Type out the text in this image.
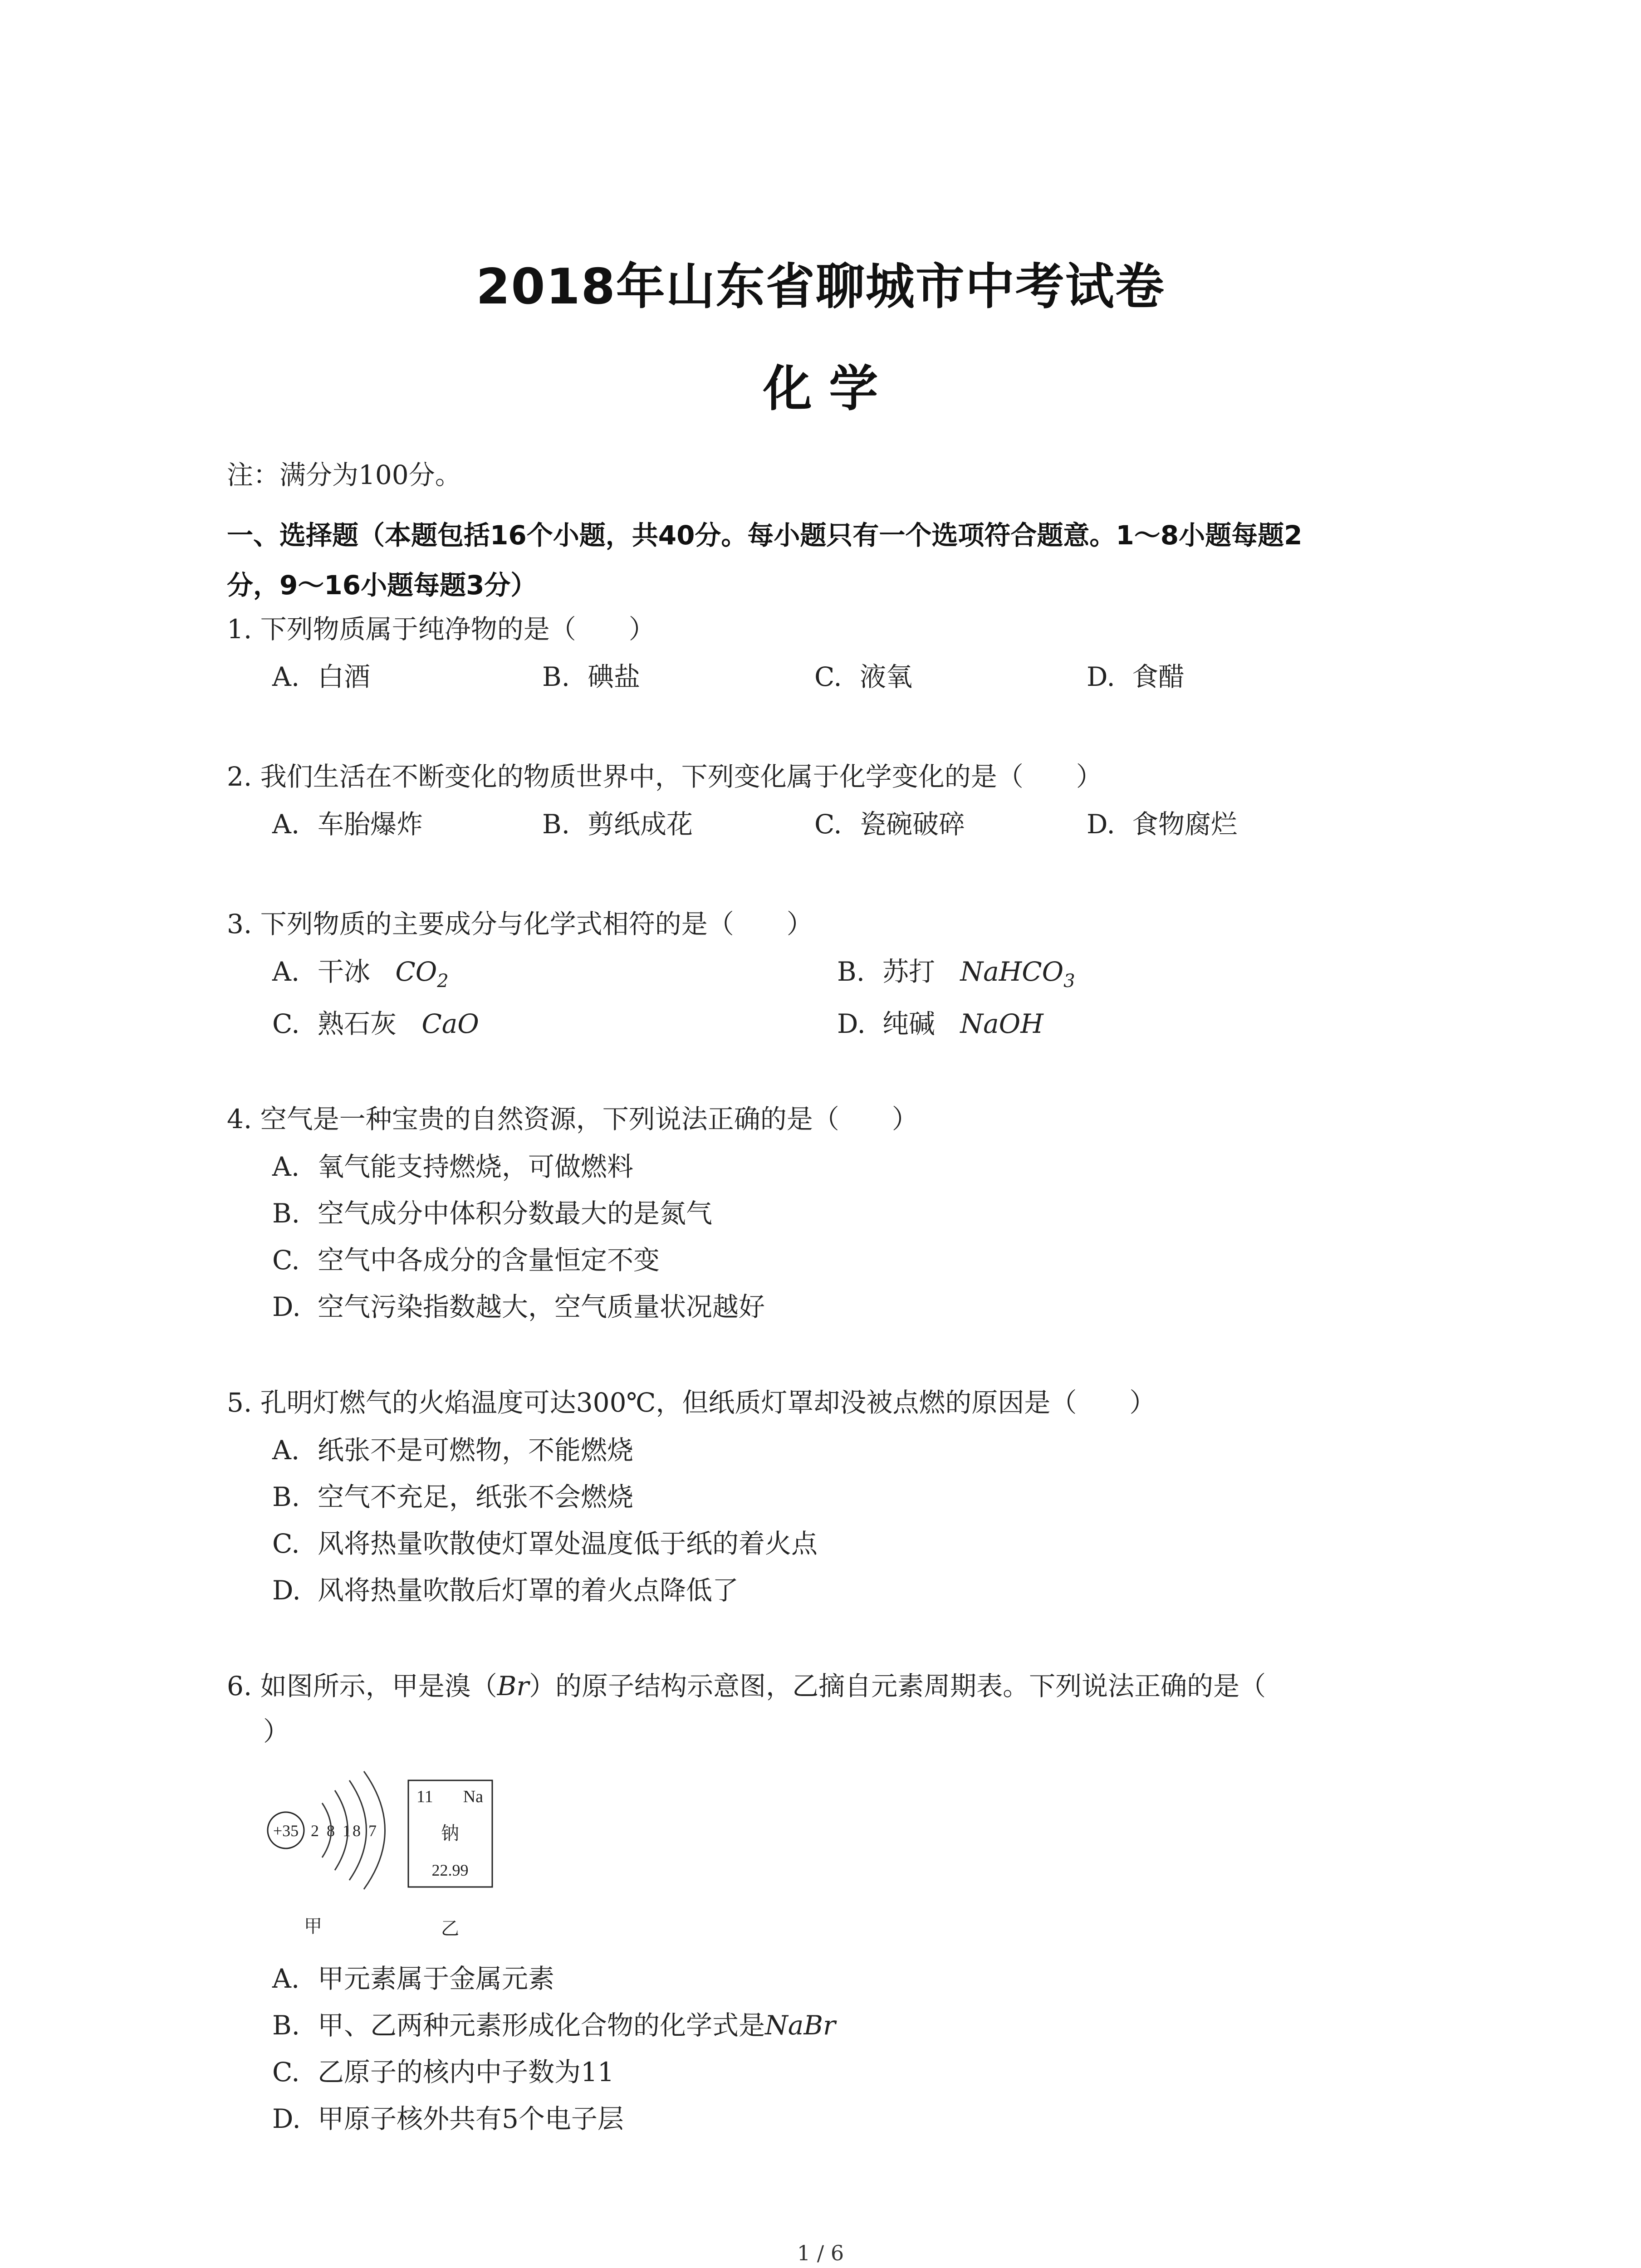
2018年山东省聊城市中考试卷
化 学
注：满分为100分。
一、选择题（本题包括16个小题，共40分。每小题只有一个选项符合题意。1～8小题每题2
分，9～16小题每题3分）
1. 下列物质属于纯净物的是（　　）
A. 白酒	B. 碘盐	C. 液氧	D. 食醋
2. 我们生活在不断变化的物质世界中，下列变化属于化学变化的是（　　）
A. 车胎爆炸	B. 剪纸成花	C. 瓷碗破碎	D. 食物腐烂
3. 下列物质的主要成分与化学式相符的是（　　）
A. 干冰 $CO_2$	B. 苏打 NaHCO$_3$
C. 熟石灰 CaO	D. 纯碱 NaOH
4. 空气是一种宝贵的自然资源，下列说法正确的是（　　）
A. 氧气能支持燃烧，可做燃料
B. 空气成分中体积分数最大的是氮气
C. 空气中各成分的含量恒定不变
D. 空气污染指数越大，空气质量状况越好
5. 孔明灯燃气的火焰温度可达300℃，但纸质灯罩却没被点燃的原因是（　　）
A. 纸张不是可燃物，不能燃烧
B. 空气不充足，纸张不会燃烧
C. 风将热量吹散使灯罩处温度低于纸的着火点
D. 风将热量吹散后灯罩的着火点降低了
6. 如图所示，甲是溴（Br）的原子结构示意图，乙摘自元素周期表。下列说法正确的是（
）
+35 2 8 18 7
甲
11 Na
钠
22.99
乙
A. 甲元素属于金属元素
B. 甲、乙两种元素形成化合物的化学式是NaBr
C. 乙原子的核内中子数为11
D. 甲原子核外共有5个电子层
1 / 6
